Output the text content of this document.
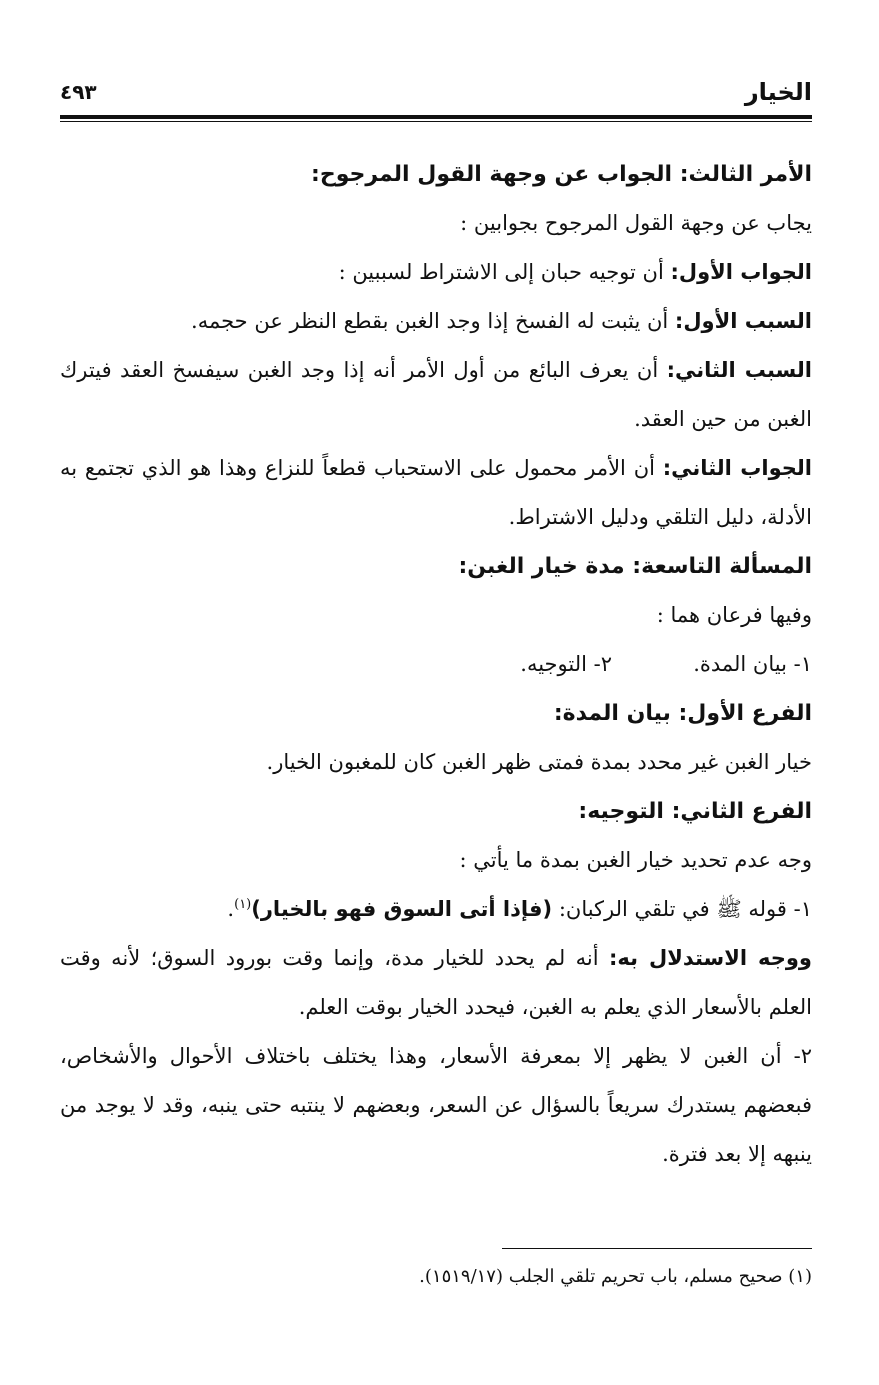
الخيار
٤٩٣

الأمر الثالث: الجواب عن وجهة القول المرجوح:

يجاب عن وجهة القول المرجوح بجوابين :

الجواب الأول: أن توجيه حبان إلى الاشتراط لسببين :

السبب الأول: أن يثبت له الفسخ إذا وجد الغبن بقطع النظر عن حجمه.

السبب الثاني: أن يعرف البائع من أول الأمر أنه إذا وجد الغبن سيفسخ العقد فيترك الغبن من حين العقد.

الجواب الثاني: أن الأمر محمول على الاستحباب قطعاً للنزاع وهذا هو الذي تجتمع به الأدلة، دليل التلقي ودليل الاشتراط.

المسألة التاسعة: مدة خيار الغبن:

وفيها فرعان هما :

١- بيان المدة.
٢- التوجيه.

الفرع الأول: بيان المدة:

خيار الغبن غير محدد بمدة فمتى ظهر الغبن كان للمغبون الخيار.

الفرع الثاني: التوجيه:

وجه عدم تحديد خيار الغبن بمدة ما يأتي :

١- قوله ﷺ في تلقي الركبان: (فإذا أتى السوق فهو بالخيار)$^{(١)}$.

ووجه الاستدلال به: أنه لم يحدد للخيار مدة، وإنما وقت بورود السوق؛ لأنه وقت العلم بالأسعار الذي يعلم به الغبن، فيحدد الخيار بوقت العلم.

٢- أن الغبن لا يظهر إلا بمعرفة الأسعار، وهذا يختلف باختلاف الأحوال والأشخاص، فبعضهم يستدرك سريعاً بالسؤال عن السعر، وبعضهم لا ينتبه حتى ينبه، وقد لا يوجد من ينبهه إلا بعد فترة.

(١) صحيح مسلم، باب تحريم تلقي الجلب (١٥١٩/١٧).
